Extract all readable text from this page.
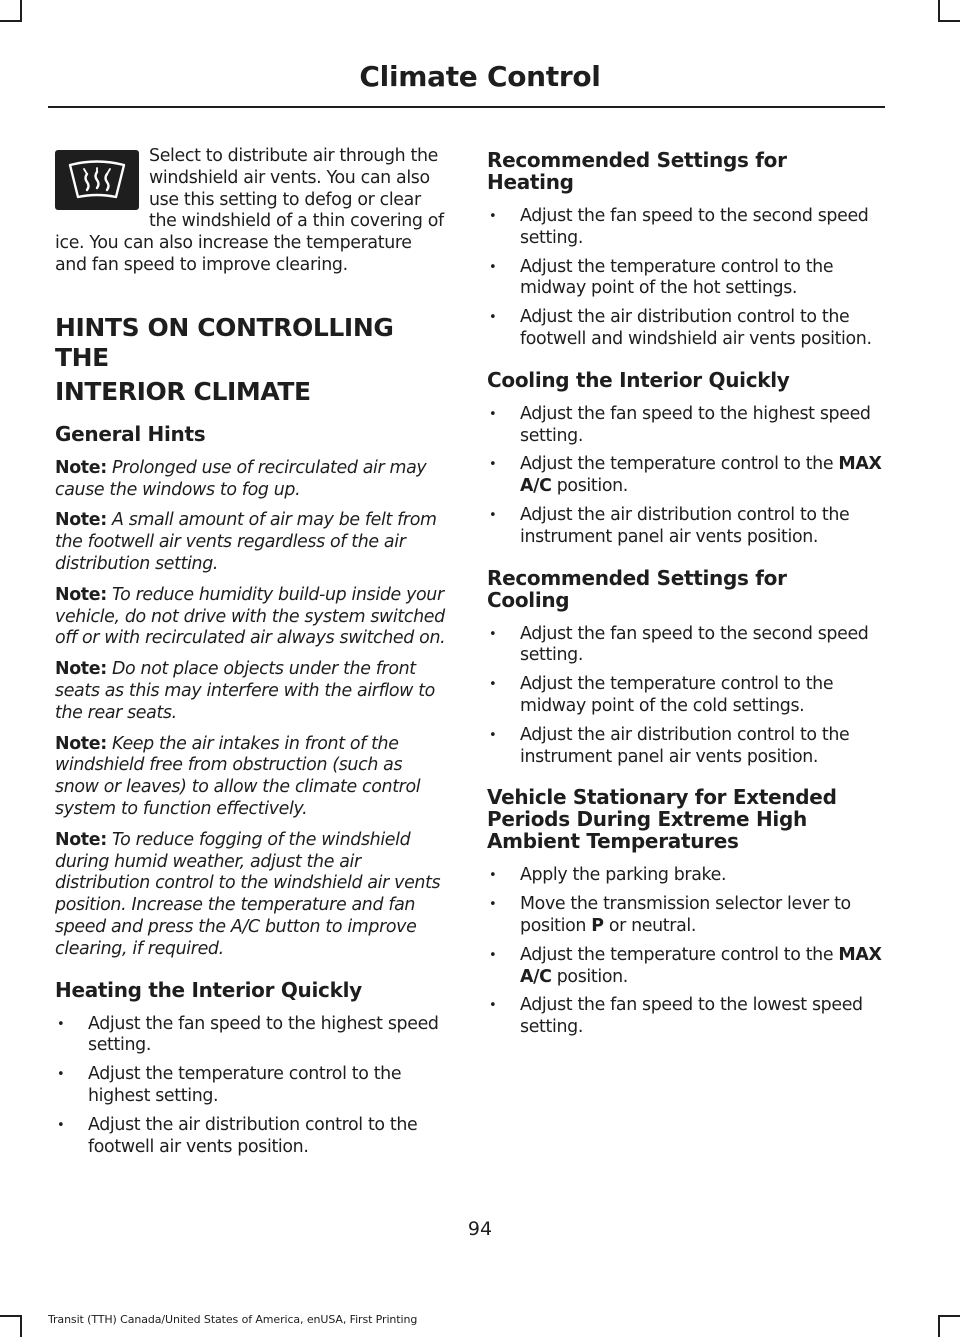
Climate Control

Select to distribute air through the windshield air vents. You can also use this setting to defog or clear the windshield of a thin covering of ice. You can also increase the temperature and fan speed to improve clearing.

HINTS ON CONTROLLING THE
INTERIOR CLIMATE
General Hints

Note: Prolonged use of recirculated air may cause the windows to fog up.

Note: A small amount of air may be felt from the footwell air vents regardless of the air distribution setting.

Note: To reduce humidity build-up inside your vehicle, do not drive with the system switched off or with recirculated air always switched on.

Note: Do not place objects under the front seats as this may interfere with the airflow to the rear seats.

Note: Keep the air intakes in front of the windshield free from obstruction (such as snow or leaves) to allow the climate control system to function effectively.

Note: To reduce fogging of the windshield during humid weather, adjust the air distribution control to the windshield air vents position. Increase the temperature and fan speed and press the A/C button to improve clearing, if required.

Heating the Interior Quickly
• Adjust the fan speed to the highest speed setting.
• Adjust the temperature control to the highest setting.
• Adjust the air distribution control to the footwell air vents position.
Recommended Settings for Heating
• Adjust the fan speed to the second speed setting.
• Adjust the temperature control to the midway point of the hot settings.
• Adjust the air distribution control to the footwell and windshield air vents position.
Cooling the Interior Quickly
• Adjust the fan speed to the highest speed setting.
• Adjust the temperature control to the MAX A/C position.
• Adjust the air distribution control to the instrument panel air vents position.
Recommended Settings for Cooling
• Adjust the fan speed to the second speed setting.
• Adjust the temperature control to the midway point of the cold settings.
• Adjust the air distribution control to the instrument panel air vents position.
Vehicle Stationary for Extended Periods During Extreme High Ambient Temperatures
• Apply the parking brake.
• Move the transmission selector lever to position P or neutral.
• Adjust the temperature control to the MAX A/C position.
• Adjust the fan speed to the lowest speed setting.
94
Transit (TTH) Canada/United States of America, enUSA, First Printing
